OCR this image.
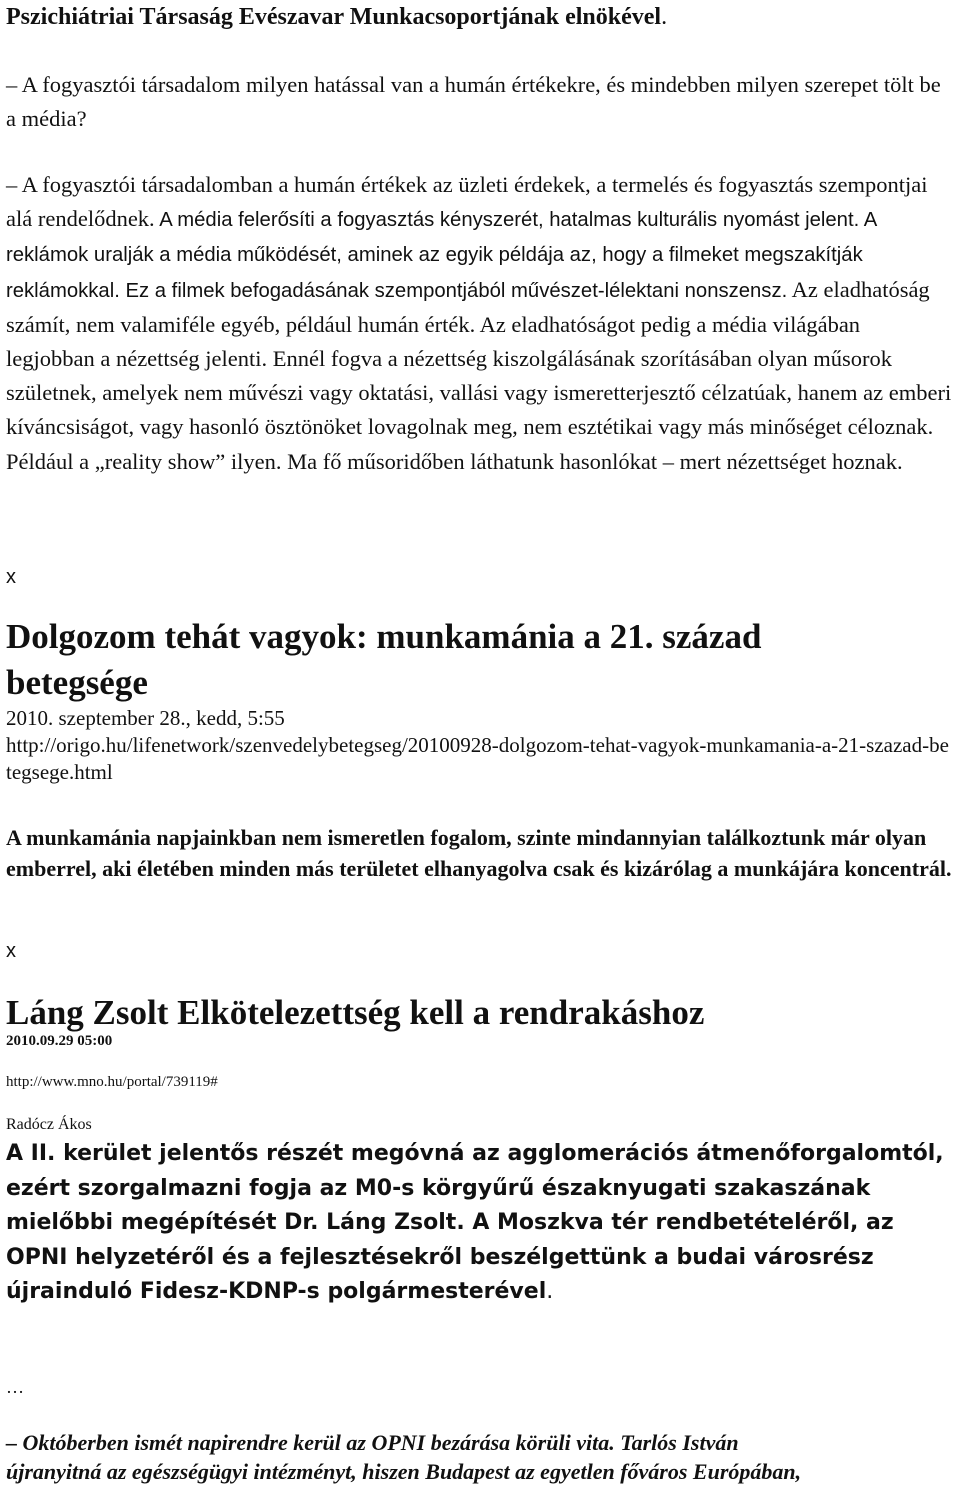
Pszichiátriai Társaság Evészavar Munkacsoportjának elnökével.
– A fogyasztói társadalom milyen hatással van a humán értékekre, és mindebben milyen szerepet tölt be a média?
– A fogyasztói társadalomban a humán értékek az üzleti érdekek, a termelés és fogyasztás szempontjai alá rendelődnek. A média felerősíti a fogyasztás kényszerét, hatalmas kulturális nyomást jelent. A reklámok uralják a média működését, aminek az egyik példája az, hogy a filmeket megszakítják reklámokkal. Ez a filmek befogadásának szempontjából művészet-lélektani nonszensz. Az eladhatóság számít, nem valamiféle egyéb, például humán érték. Az eladhatóságot pedig a média világában legjobban a nézettség jelenti. Ennél fogva a nézettség kiszolgálásának szorításában olyan műsorok születnek, amelyek nem művészi vagy oktatási, vallási vagy ismeretterjesztő célzatúak, hanem az emberi kíváncsiságot, vagy hasonló ösztönöket lovagolnak meg, nem esztétikai vagy más minőséget céloznak. Például a „reality show” ilyen. Ma fő műsoridőben láthatunk hasonlókat – mert nézettséget hoznak.
x
Dolgozom tehát vagyok: munkamánia a 21. század betegsége
2010. szeptember 28., kedd, 5:55
http://origo.hu/lifenetwork/szenvedelybetegseg/20100928-dolgozom-tehat-vagyok-munkamania-a-21-szazad-betegsege.html
A munkamánia napjainkban nem ismeretlen fogalom, szinte mindannyian találkoztunk már olyan emberrel, aki életében minden más területet elhanyagolva csak és kizárólag a munkájára koncentrál.
x
Láng Zsolt Elkötelezettség kell a rendrakáshoz
2010.09.29 05:00
http://www.mno.hu/portal/739119#
Radócz Ákos
A II. kerület jelentős részét megóvná az agglomerációs átmenőforgalomtól, ezért szorgalmazni fogja az M0-s körgyűrű északnyugati szakaszának mielőbbi megépítését Dr. Láng Zsolt. A Moszkva tér rendbetételéről, az OPNI helyzetéről és a fejlesztésekről beszélgettünk a budai városrész újrainduló Fidesz-KDNP-s polgármesterével.
…
– Októberben ismét napirendre kerül az OPNI bezárása körüli vita. Tarlós István
újranyitná az egészségügyi intézményt, hiszen Budapest az egyetlen főváros Európában,
